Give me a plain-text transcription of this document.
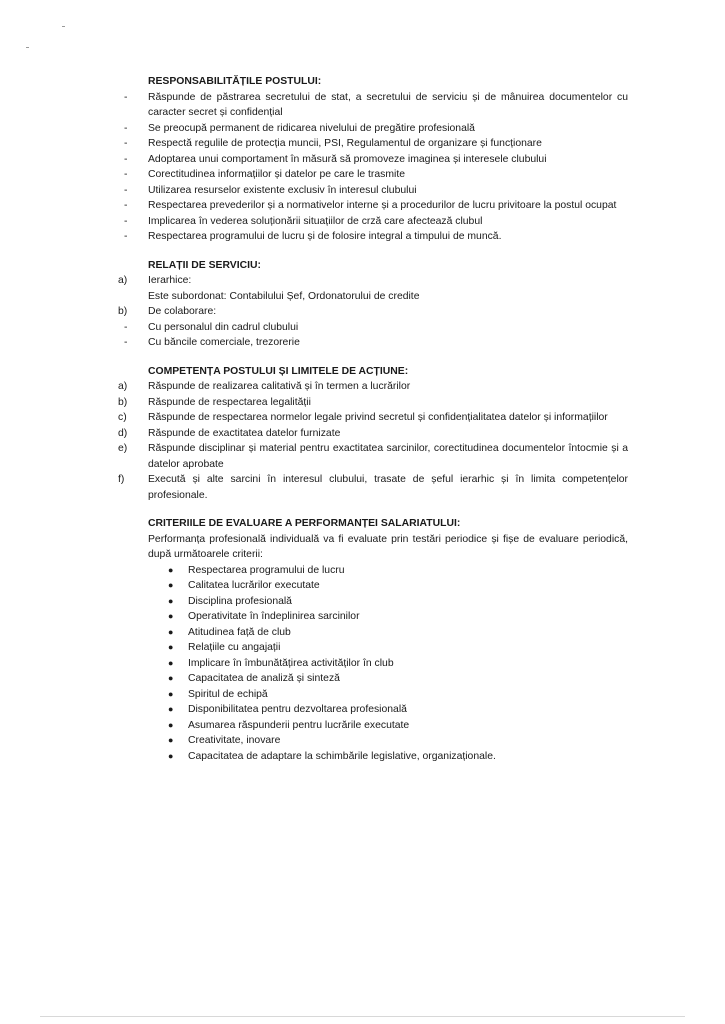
RESPONSABILITĂȚILE POSTULUI:

-	Răspunde de păstrarea secretului de stat, a secretului de serviciu și de mânuirea documentelor cu caracter secret și confidențial
-	Se preocupă permanent de ridicarea nivelului de pregătire profesională
-	Respectă regulile de protecția muncii, PSI, Regulamentul de organizare și funcționare
-	Adoptarea unui comportament în măsură să promoveze imaginea și interesele clubului
-	Corectitudinea informațiilor și datelor pe care le trasmite
-	Utilizarea resurselor existente exclusiv în interesul clubului
-	Respectarea prevederilor și a normativelor interne și a procedurilor de lucru privitoare la postul ocupat
-	Implicarea în vederea soluționării situațiilor de crză care afectează clubul
-	Respectarea programului de lucru și de folosire integral a timpului de muncă.

RELAȚII DE SERVICIU:

a)	Ierarhice:
Este subordonat: Contabilului Șef, Ordonatorului de credite
b)	De colaborare:
-	Cu personalul din cadrul clubului
-	Cu băncile comerciale, trezorerie

COMPETENȚA POSTULUI ȘI LIMITELE DE ACȚIUNE:

a)	Răspunde de realizarea calitativă și în termen a lucrărilor
b)	Răspunde de respectarea legalității
c)	Răspunde de respectarea normelor legale privind secretul și confidențialitatea datelor și informațiilor
d)	Răspunde de exactitatea datelor furnizate
e)	Răspunde disciplinar și material pentru exactitatea sarcinilor, corectitudinea documentelor întocmie și a datelor aprobate
f)	Execută și alte sarcini în interesul clubului, trasate de șeful ierarhic și în limita competențelor profesionale.

CRITERIILE DE EVALUARE A PERFORMANȚEI SALARIATULUI:

Performanța profesională individuală va fi evaluate prin testări periodice și fișe de evaluare periodică, după următoarele criterii:
●	Respectarea programului de lucru
●	Calitatea lucrărilor executate
●	Disciplina profesională
●	Operativitate în îndeplinirea sarcinilor
●	Atitudinea față de club
●	Relațiile cu angajații
●	Implicare în îmbunătățirea activităților în club
●	Capacitatea de analiză și sinteză
●	Spiritul de echipă
●	Disponibilitatea pentru dezvoltarea profesională
●	Asumarea răspunderii pentru lucrările executate
●	Creativitate, inovare
●	Capacitatea de adaptare la schimbările legislative, organizaționale.
